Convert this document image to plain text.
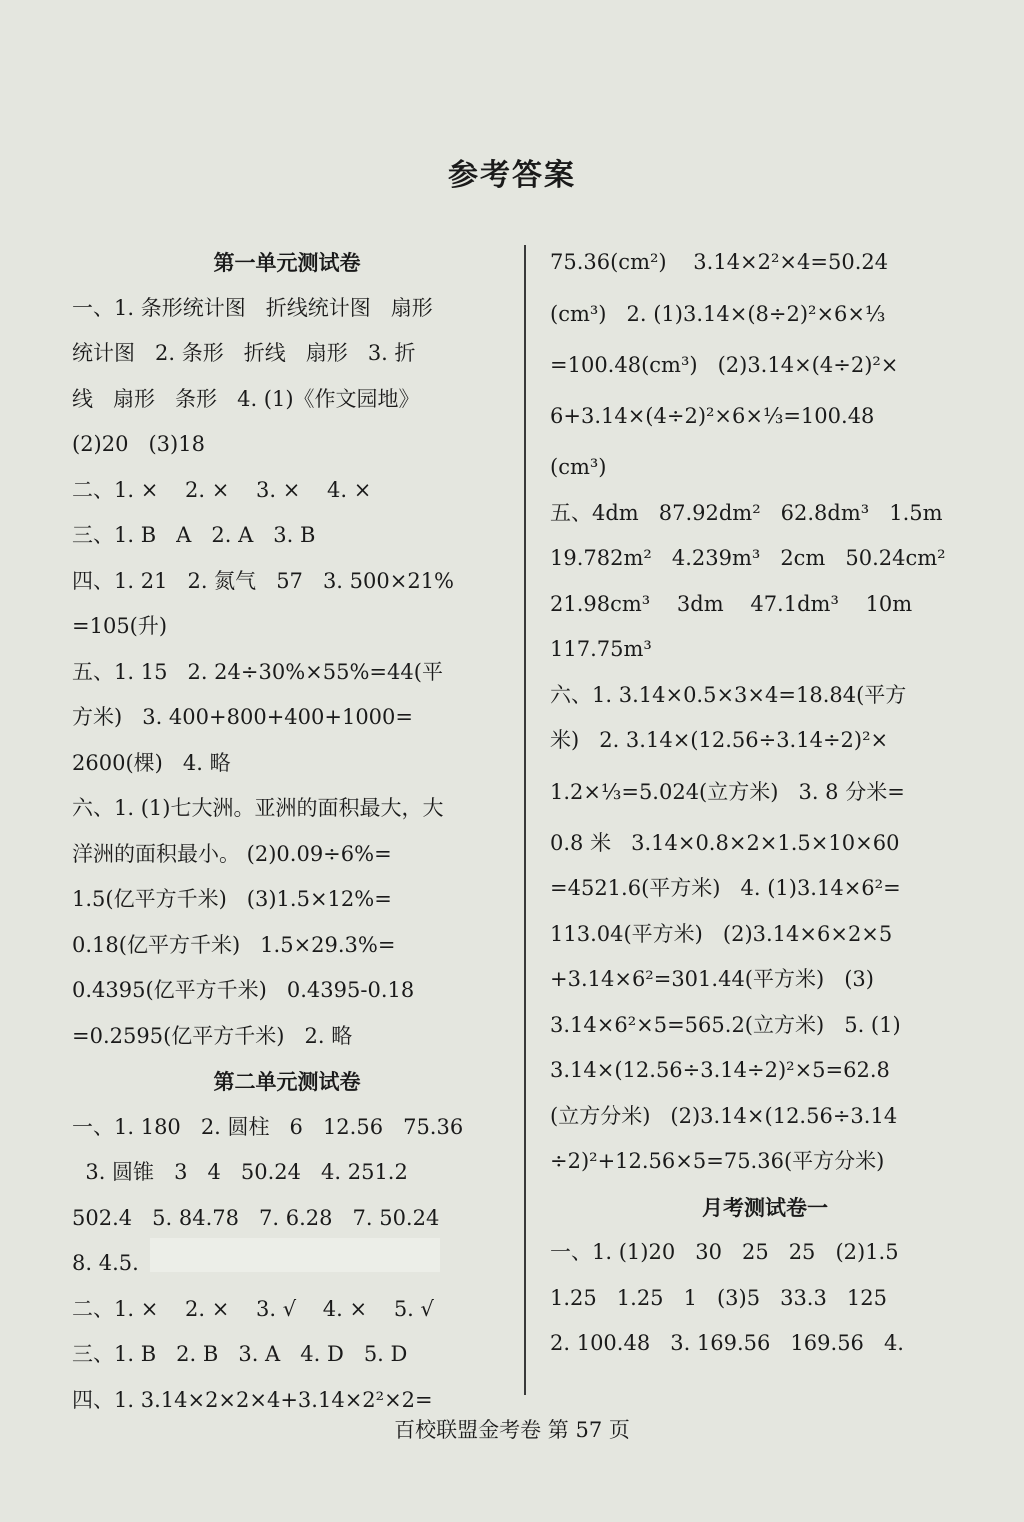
参考答案
第一单元测试卷
一、1. 条形统计图   折线统计图   扇形
统计图   2. 条形   折线   扇形   3. 折
线   扇形   条形   4. (1)《作文园地》
(2)20   (3)18
二、1. ×    2. ×    3. ×    4. ×
三、1. B   A   2. A   3. B
四、1. 21   2. 氮气   57   3. 500×21%
=105(升)
五、1. 15   2. 24÷30%×55%=44(平
方米)   3. 400+800+400+1000=
2600(棵)   4. 略
六、1. (1)七大洲。亚洲的面积最大，大
洋洲的面积最小。 (2)0.09÷6%=
1.5(亿平方千米)   (3)1.5×12%=
0.18(亿平方千米)   1.5×29.3%=
0.4395(亿平方千米)   0.4395-0.18
=0.2595(亿平方千米)   2. 略
第二单元测试卷
一、1. 180   2. 圆柱   6   12.56   75.36
3. 圆锥   3   4   50.24   4. 251.2
502.4   5. 84.78   7. 6.28   7. 50.24
8. 4.5.
二、1. ×    2. ×    3. √    4. ×    5. √
三、1. B   2. B   3. A   4. D   5. D
四、1. 3.14×2×2×4+3.14×2²×2=
75.36(cm²)    3.14×2²×4=50.24
(cm³)   2. (1)3.14×(8÷2)²×6×⅓
=100.48(cm³)   (2)3.14×(4÷2)²×
6+3.14×(4÷2)²×6×⅓=100.48
(cm³)
五、4dm   87.92dm²   62.8dm³   1.5m
19.782m²   4.239m³   2cm   50.24cm²
21.98cm³    3dm    47.1dm³    10m
117.75m³
六、1. 3.14×0.5×3×4=18.84(平方
米)   2. 3.14×(12.56÷3.14÷2)²×
1.2×⅓=5.024(立方米)   3. 8 分米=
0.8 米   3.14×0.8×2×1.5×10×60
=4521.6(平方米)   4. (1)3.14×6²=
113.04(平方米)   (2)3.14×6×2×5
+3.14×6²=301.44(平方米)   (3)
3.14×6²×5=565.2(立方米)   5. (1)
3.14×(12.56÷3.14÷2)²×5=62.8
(立方分米)   (2)3.14×(12.56÷3.14
÷2)²+12.56×5=75.36(平方分米)
月考测试卷一
一、1. (1)20   30   25   25   (2)1.5
1.25   1.25   1   (3)5   33.3   125
2. 100.48   3. 169.56   169.56   4.
百校联盟金考卷 第 57 页
